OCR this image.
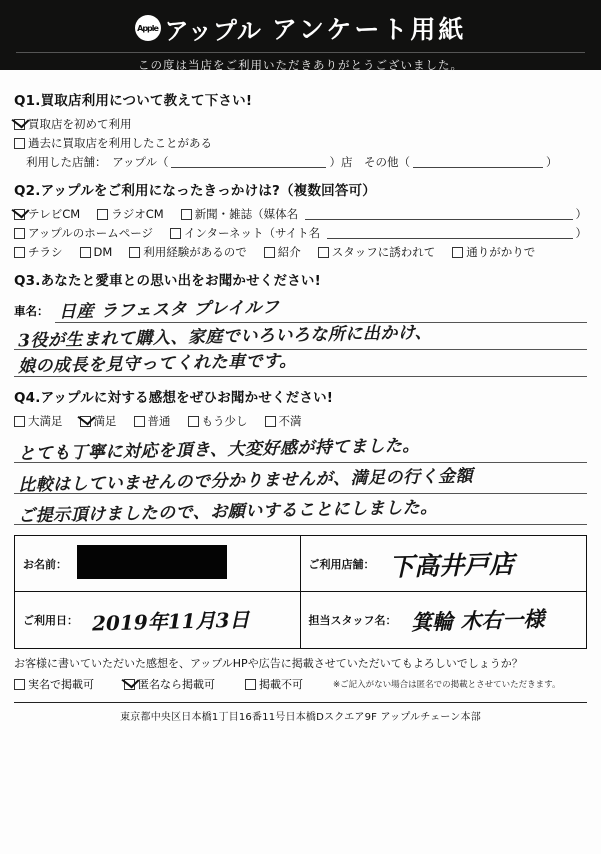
Apple アップル アンケート用紙
この度は当店をご利用いただきありがとうございました。
Q1.買取店利用について教えて下さい!
買取店を初めて利用
過去に買取店を利用したことがある
利用した店舗：　アップル（	）店　その他（	）
Q2.アップルをご利用になったきっかけは?（複数回答可）
テレビCM	ラジオCM	新聞・雑誌（媒体名	）
アップルのホームページ	インターネット（サイト名	）
チラシ	DM	利用経験があるので	紹介	スタッフに誘われて	通りがかりで
Q3.あなたと愛車との思い出をお聞かせください!
車名： 日産 ラフェスタ プレイルフ
3役が生まれて購入、家庭でいろいろな所に出かけ、
娘の成長を見守ってくれた車です。
Q4.アップルに対する感想をぜひお聞かせください!
大満足	満足	普通	もう少し	不満
とても丁寧に対応を頂き、大変好感が持てました。
比較はしていませんので分かりませんが、満足の行く金額
ご提示頂けましたので、お願いすることにしました。
お名前：	ご利用店舗： 下高井戸店
ご利用日： 2019年11月3日	担当スタッフ名： 箕輪 木右一様
お客様に書いていただいた感想を、アップルHPや広告に掲載させていただいてもよろしいでしょうか？
実名で掲載可	匿名なら掲載可	掲載不可	※ご記入がない場合は匿名での掲載とさせていただきます。
東京都中央区日本橋1丁目16番11号日本橋Dスクエア9F アップルチェーン本部
